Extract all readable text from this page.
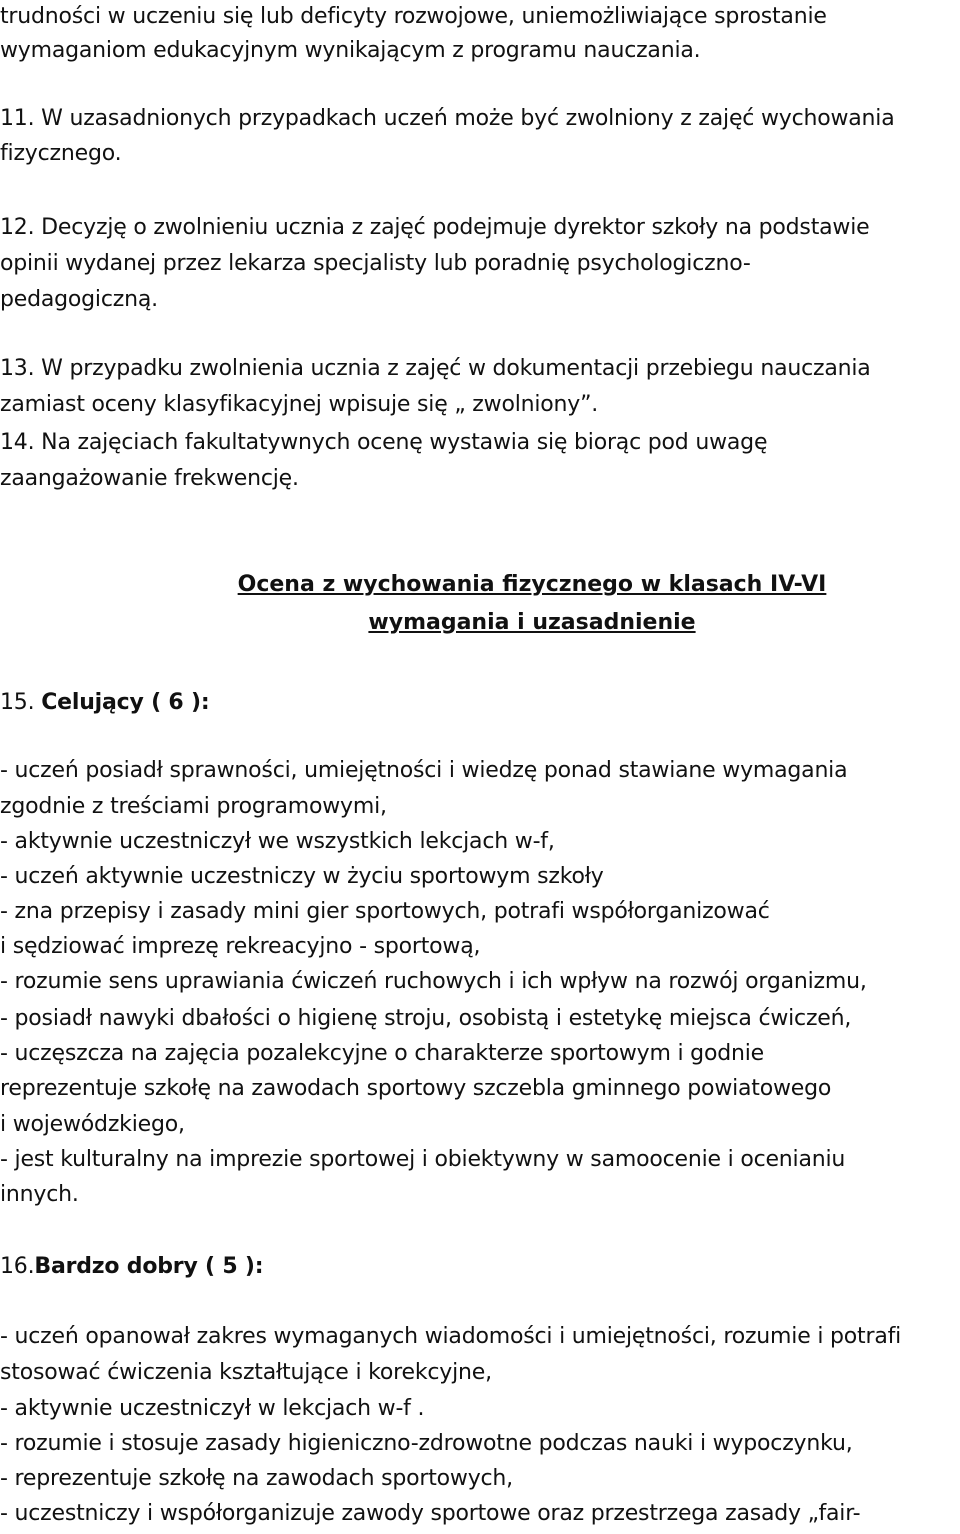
trudności w uczeniu się lub deficyty rozwojowe, uniemożliwiające sprostanie
wymaganiom edukacyjnym wynikającym z programu nauczania.
11. W uzasadnionych przypadkach uczeń może być zwolniony z zajęć wychowania
fizycznego.
12. Decyzję o zwolnieniu ucznia z zajęć podejmuje dyrektor szkoły na podstawie
opinii wydanej przez lekarza specjalisty lub poradnię psychologiczno-
pedagogiczną.
13. W przypadku zwolnienia ucznia z zajęć w dokumentacji przebiegu nauczania
zamiast oceny klasyfikacyjnej wpisuje się „ zwolniony”.
14. Na zajęciach fakultatywnych ocenę wystawia się biorąc pod uwagę
zaangażowanie frekwencję.
Ocena z wychowania fizycznego w klasach IV-VI
wymagania i uzasadnienie
15. Celujący ( 6 ):
- uczeń posiadł sprawności, umiejętności i wiedzę ponad stawiane wymagania
zgodnie z treściami programowymi,
- aktywnie uczestniczył we wszystkich lekcjach w-f,
- uczeń aktywnie uczestniczy w życiu sportowym szkoły
- zna przepisy i zasady mini gier sportowych, potrafi współorganizować
i sędziować imprezę rekreacyjno - sportową,
- rozumie sens uprawiania ćwiczeń ruchowych i ich wpływ na rozwój organizmu,
- posiadł nawyki dbałości o higienę stroju, osobistą i estetykę miejsca ćwiczeń,
- uczęszcza na zajęcia pozalekcyjne o charakterze sportowym i godnie
reprezentuje szkołę na zawodach sportowy szczebla gminnego powiatowego
i wojewódzkiego,
- jest kulturalny na imprezie sportowej i obiektywny w samoocenie i ocenianiu
innych.
16.Bardzo dobry ( 5 ):
- uczeń opanował zakres wymaganych wiadomości i umiejętności, rozumie i potrafi
stosować ćwiczenia kształtujące i korekcyjne,
- aktywnie uczestniczył w lekcjach w-f .
- rozumie i stosuje zasady higieniczno-zdrowotne podczas nauki i wypoczynku,
- reprezentuje szkołę na zawodach sportowych,
- uczestniczy i współorganizuje zawody sportowe oraz przestrzega zasady „fair-
